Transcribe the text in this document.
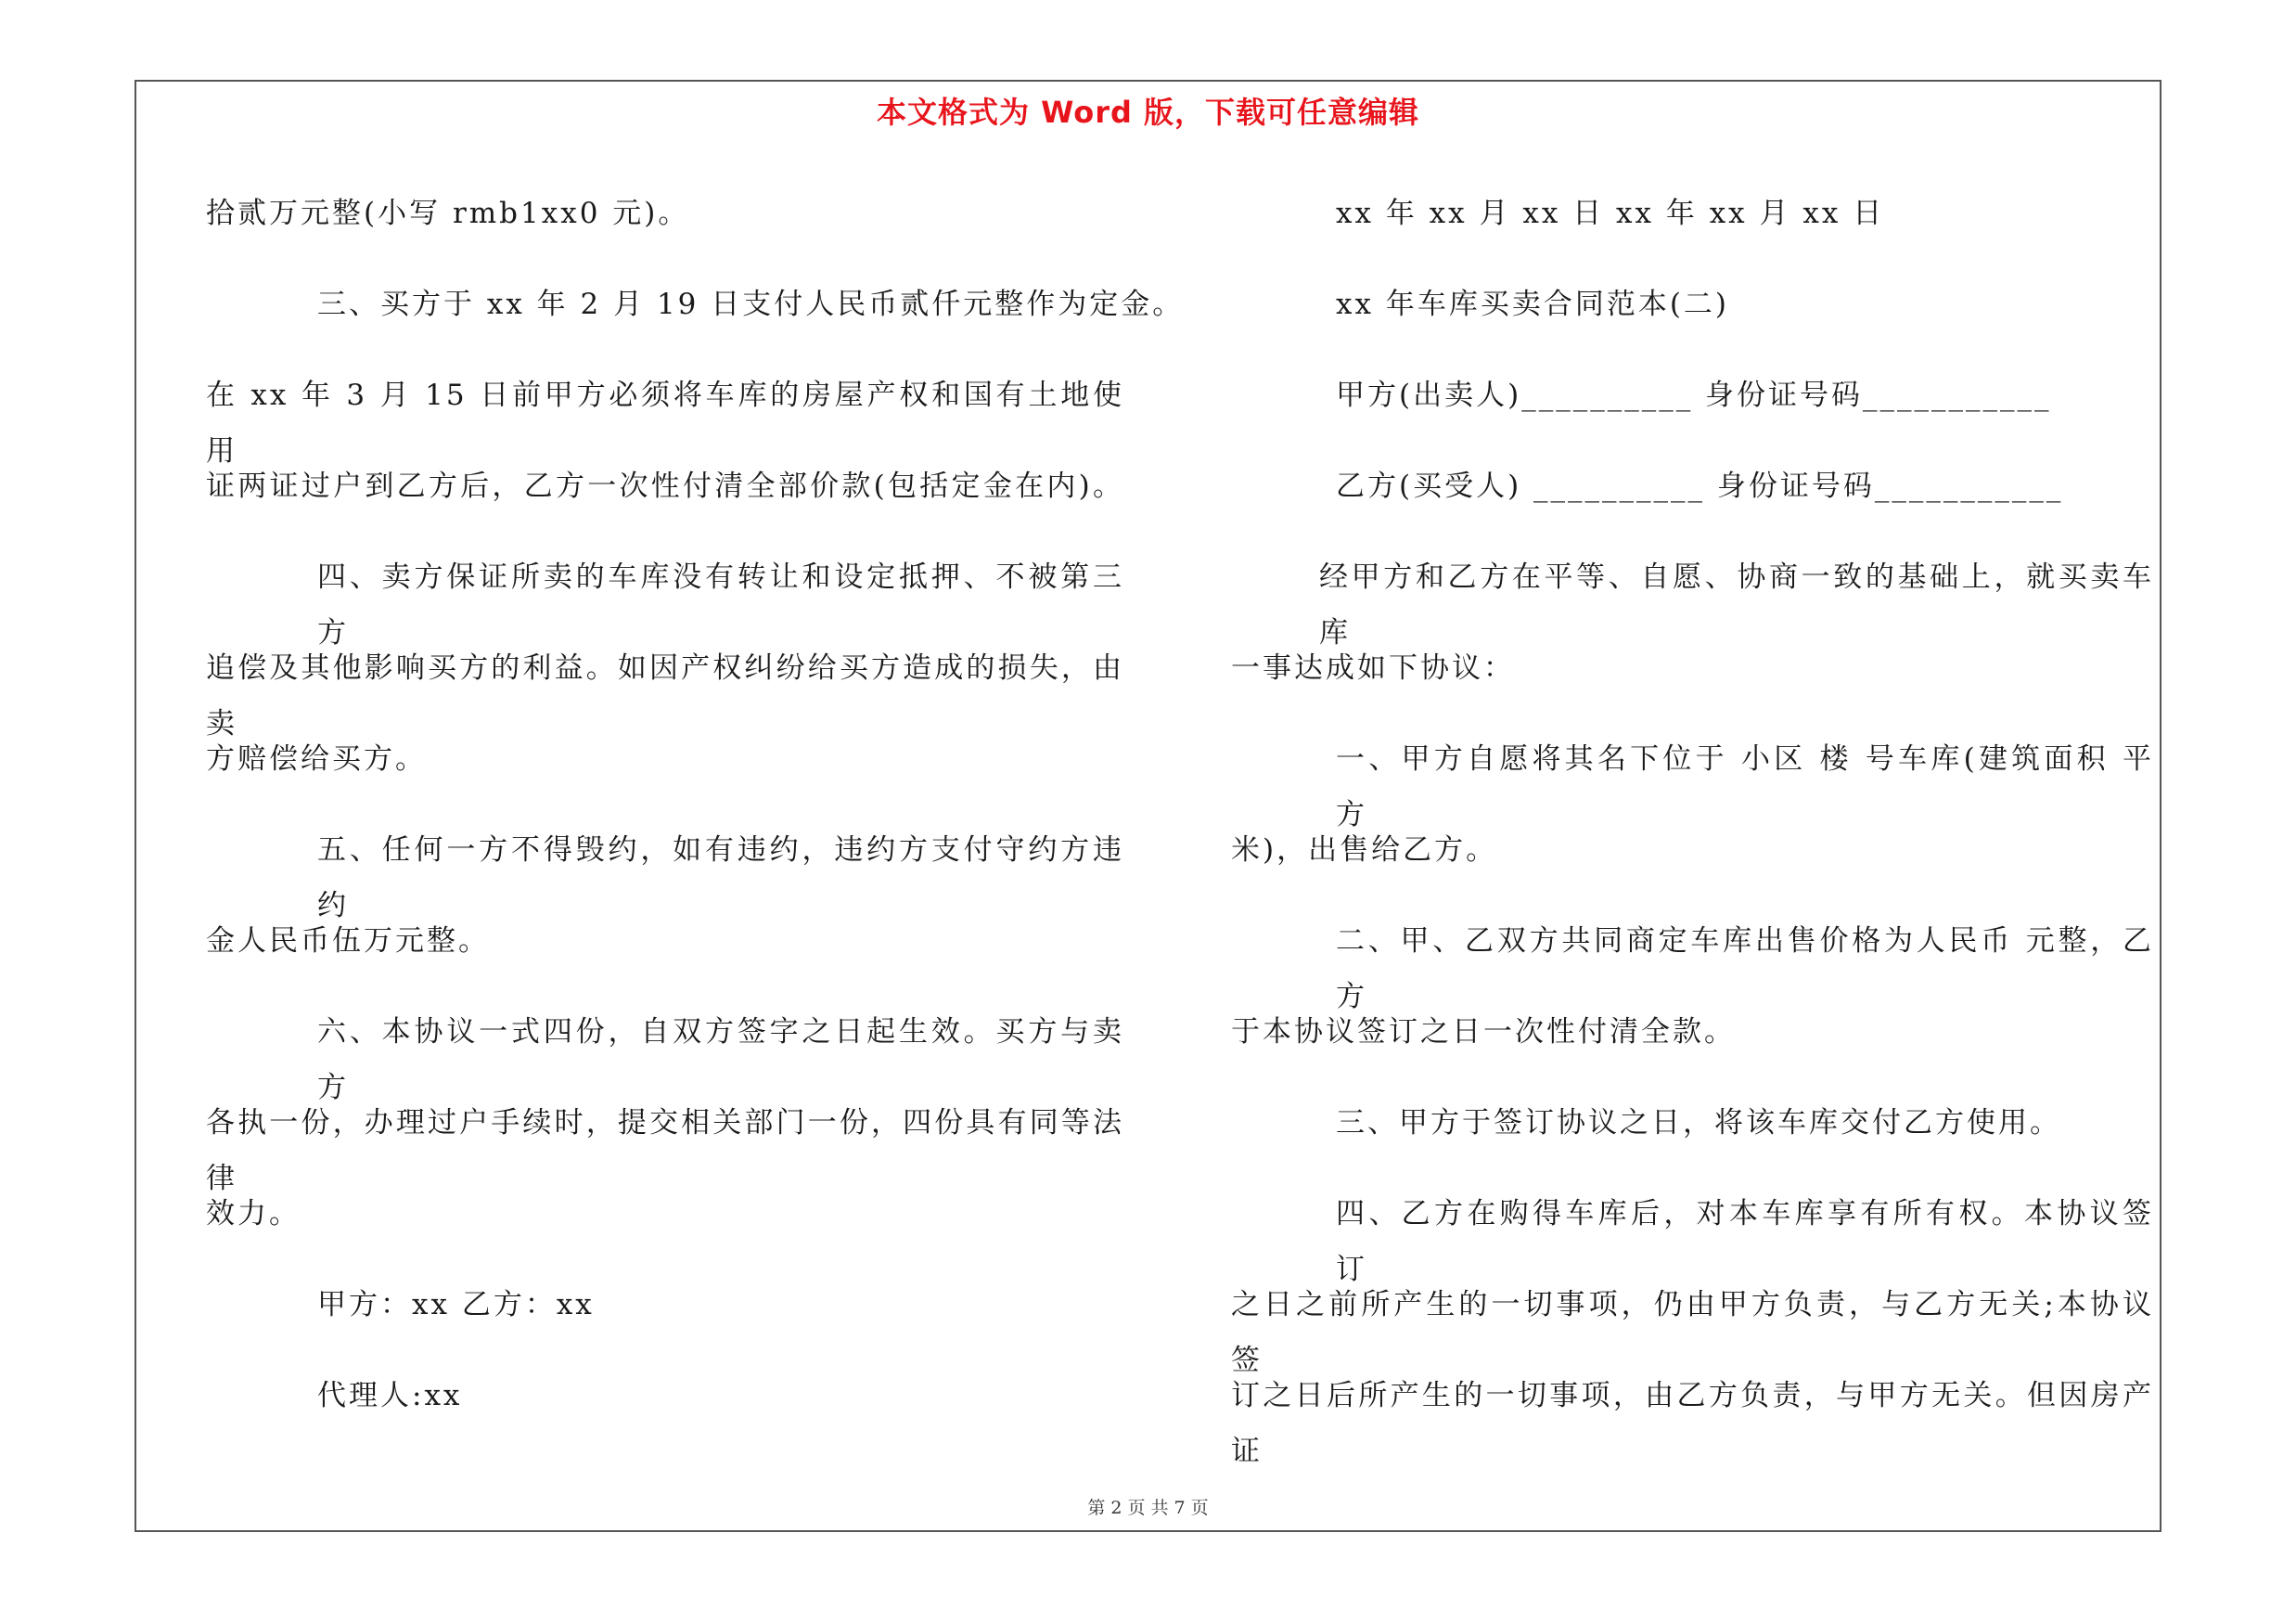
本文格式为 Word 版，下载可任意编辑
拾贰万元整(小写 rmb1xx0 元)。
三、买方于 xx 年 2 月 19 日支付人民币贰仟元整作为定金。
在 xx 年 3 月 15 日前甲方必须将车库的房屋产权和国有土地使用
证两证过户到乙方后，乙方一次性付清全部价款(包括定金在内)。
四、卖方保证所卖的车库没有转让和设定抵押、不被第三方
追偿及其他影响买方的利益。如因产权纠纷给买方造成的损失，由卖
方赔偿给买方。
五、任何一方不得毁约，如有违约，违约方支付守约方违约
金人民币伍万元整。
六、本协议一式四份，自双方签字之日起生效。买方与卖方
各执一份，办理过户手续时，提交相关部门一份，四份具有同等法律
效力。
甲方：xx 乙方：xx
代理人:xx
xx 年 xx 月 xx 日 xx 年 xx 月 xx 日
xx 年车库买卖合同范本(二)
甲方(出卖人)__________ 身份证号码___________
乙方(买受人) __________ 身份证号码___________
经甲方和乙方在平等、自愿、协商一致的基础上，就买卖车库
一事达成如下协议：
一、甲方自愿将其名下位于 小区 楼 号车库(建筑面积 平方
米)，出售给乙方。
二、甲、乙双方共同商定车库出售价格为人民币 元整，乙方
于本协议签订之日一次性付清全款。
三、甲方于签订协议之日，将该车库交付乙方使用。
四、乙方在购得车库后，对本车库享有所有权。本协议签订
之日之前所产生的一切事项，仍由甲方负责，与乙方无关;本协议签
订之日后所产生的一切事项，由乙方负责，与甲方无关。但因房产证
第 2 页 共 7 页
